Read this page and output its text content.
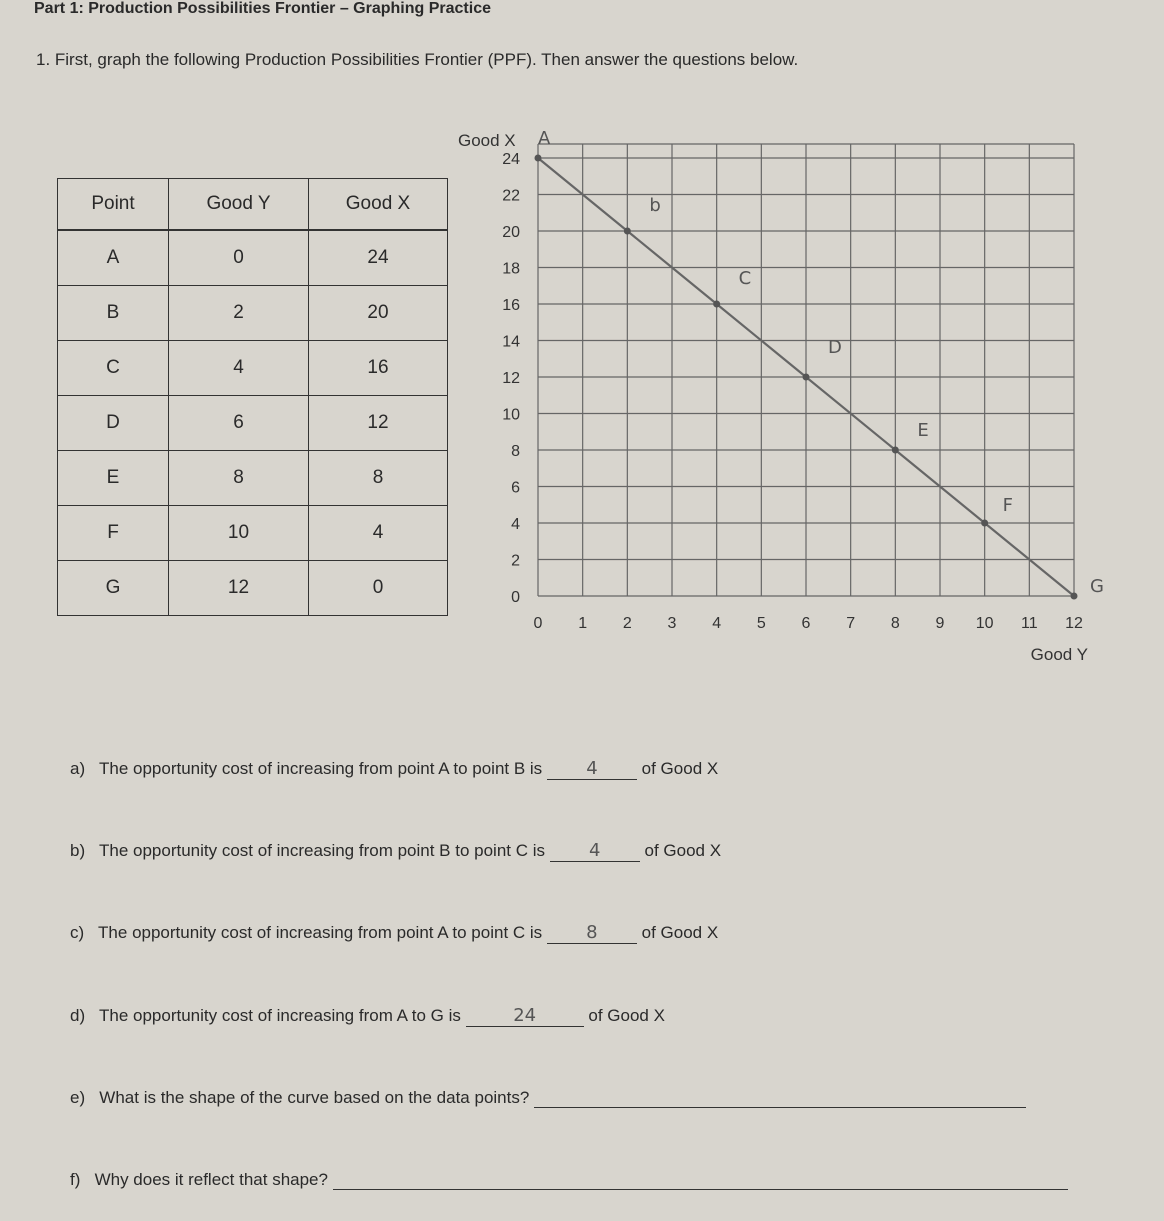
Part 1: Production Possibilities Frontier – Graphing Practice
1. First, graph the following Production Possibilities Frontier (PPF). Then answer the questions below.
Point	Good Y	Good X
A	0	24
B	2	20
C	4	16
D	6	12
E	8	8
F	10	4
G	12	0
0 1 2 3 4 5 6 7 8 9 10 11 12
0
2
4
6
8
10
12
14
16
18
20
22
24
Good X
Good Y
A
b
C
D
E
F
G
a) The opportunity cost of increasing from point A to point B is 4	of Good X
b) The opportunity cost of increasing from point B to point C is 4	of Good X
c) The opportunity cost of increasing from point A to point C is 8	of Good X
d) The opportunity cost of increasing from A to G is	24	of Good X
e) What is the shape of the curve based on the data points?
f) Why does it reflect that shape?
